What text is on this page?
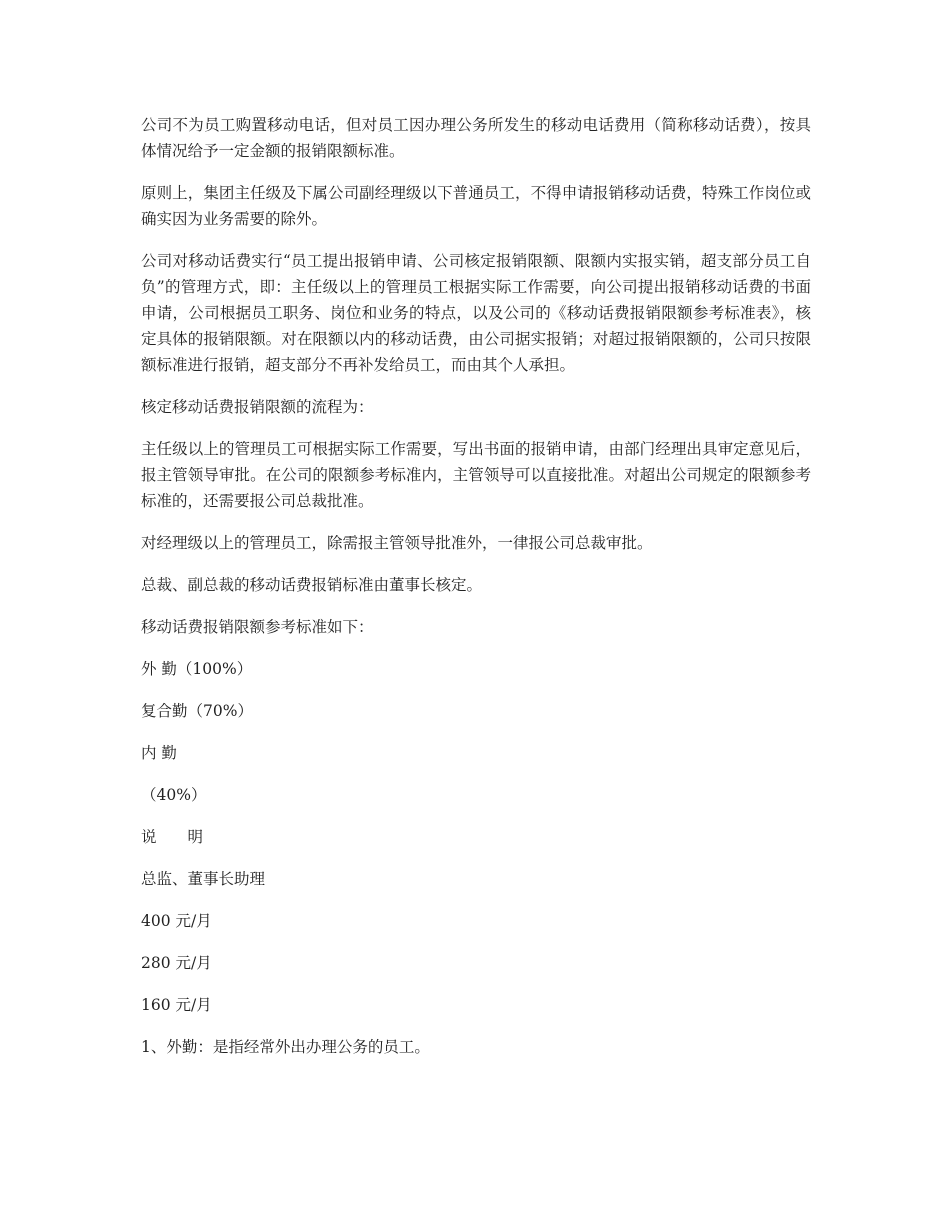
公司不为员工购置移动电话，但对员工因办理公务所发生的移动电话费用（简称移动话费），按具体情况给予一定金额的报销限额标准。

原则上，集团主任级及下属公司副经理级以下普通员工，不得申请报销移动话费，特殊工作岗位或确实因为业务需要的除外。

公司对移动话费实行“员工提出报销申请、公司核定报销限额、限额内实报实销，超支部分员工自负”的管理方式，即：主任级以上的管理员工根据实际工作需要，向公司提出报销移动话费的书面申请，公司根据员工职务、岗位和业务的特点，以及公司的《移动话费报销限额参考标准表》，核定具体的报销限额。对在限额以内的移动话费，由公司据实报销；对超过报销限额的，公司只按限额标准进行报销，超支部分不再补发给员工，而由其个人承担。

核定移动话费报销限额的流程为：

主任级以上的管理员工可根据实际工作需要，写出书面的报销申请，由部门经理出具审定意见后，报主管领导审批。在公司的限额参考标准内，主管领导可以直接批准。对超出公司规定的限额参考标准的，还需要报公司总裁批准。

对经理级以上的管理员工，除需报主管领导批准外，一律报公司总裁审批。

总裁、副总裁的移动话费报销标准由董事长核定。

移动话费报销限额参考标准如下：

外 勤（100%）

复合勤（70%）

内 勤

（40%）

说　　明

总监、董事长助理

400 元/月

280 元/月

160 元/月

1、外勤：是指经常外出办理公务的员工。
